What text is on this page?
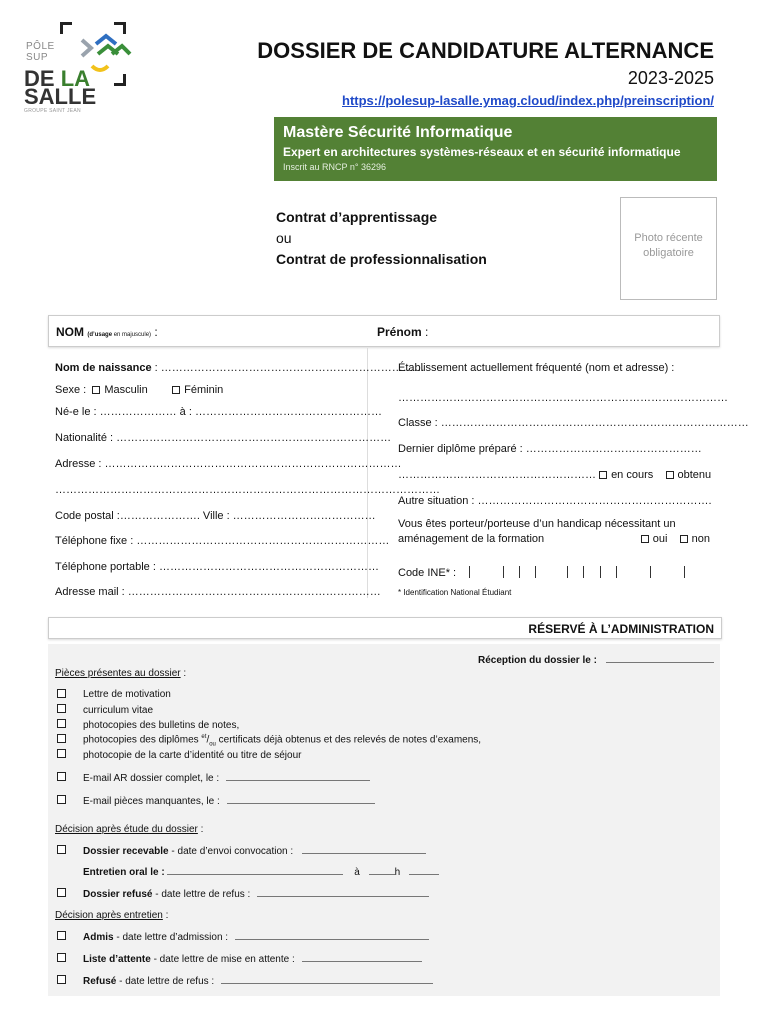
PÔLE
SUP
DE LA
SALLE
GROUPE SAINT JEAN
DOSSIER DE CANDIDATURE ALTERNANCE
2023-2025
https://polesup-lasalle.ymag.cloud/index.php/preinscription/
Mastère Sécurité Informatique
Expert en architectures systèmes-réseaux et en sécurité informatique
Inscrit au RNCP n° 36296
Contrat d’apprentissage
ou
Contrat de professionnalisation
Photo récente
obligatoire
NOM (d’usage en majuscule) :	Prénom :
Nom de naissance : ………………………………………………………………
Sexe : Masculin	Féminin
Né-e le : ………………… à : ……………………………………………
Nationalité : …………………………………………………………………
Adresse : ………………………………………………………………………
……………………………………………………………………………………………
Code postal :…………………. Ville : …………………………………
Téléphone fixe : ……………………………………………………………
Téléphone portable : ……………………………………………………
Adresse mail : ……………………………………………………………
Établissement actuellement fréquenté (nom et adresse) :
………………………………………………………………………………
Classe : …………………………………………………………………………
Dernier diplôme préparé : …………………………………………
……………………………………………… en cours obtenu
Autre situation : ……………………………………………………….
Vous êtes porteur/porteuse d’un handicap nécessitant un aménagement de la formation	oui non
Code INE* :
* Identification National Étudiant
RÉSERVÉ À L’ADMINISTRATION
Réception du dossier le :
Pièces présentes au dossier :
Lettre de motivation
curriculum vitae
photocopies des bulletins de notes,
photocopies des diplômes $^{et}/_{ou}$ certificats déjà obtenus et des relevés de notes d’examens,
photocopie de la carte d’identité ou titre de séjour
E-mail AR dossier complet, le :
E-mail pièces manquantes, le :
Décision après étude du dossier :
Dossier recevable - date d’envoi convocation :
Entretien oral le :	à	h
Dossier refusé - date lettre de refus :
Décision après entretien :
Admis - date lettre d’admission :
Liste d’attente - date lettre de mise en attente :
Refusé - date lettre de refus :
